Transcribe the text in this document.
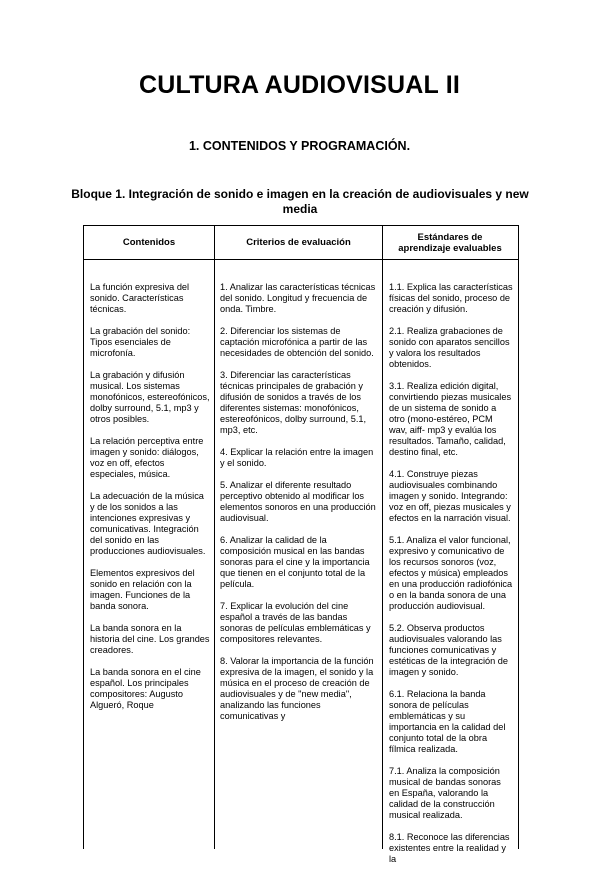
CULTURA AUDIOVISUAL II
1. CONTENIDOS Y PROGRAMACIÓN.
Bloque 1. Integración de sonido e imagen en la creación de audiovisuales y new media
Contenidos	Criterios de evaluación	Estándares de aprendizaje evaluables

La función expresiva del sonido. Características técnicas.

La grabación del sonido: Tipos esenciales de microfonía.

La grabación y difusión musical. Los sistemas monofónicos, estereofónicos, dolby surround, 5.1, mp3 y otros posibles.

La relación perceptiva entre imagen y sonido: diálogos, voz en off, efectos especiales, música.

La adecuación de la música y de los sonidos a las intenciones expresivas y comunicativas. Integración del sonido en las producciones audiovisuales.

Elementos expresivos del sonido en relación con la imagen. Funciones de la banda sonora.

La banda sonora en la historia del cine. Los grandes creadores.

La banda sonora en el cine español. Los principales compositores: Augusto Algueró, Roque

1. Analizar las características técnicas del sonido. Longitud y frecuencia de onda. Timbre.

2. Diferenciar los sistemas de captación microfónica a partir de las necesidades de obtención del sonido.

3. Diferenciar las características técnicas principales de grabación y difusión de sonidos a través de los diferentes sistemas: monofónicos, estereofónicos, dolby surround, 5.1, mp3, etc.

4. Explicar la relación entre la imagen y el sonido.

5. Analizar el diferente resultado perceptivo obtenido al modificar los elementos sonoros en una producción audiovisual.

6. Analizar la calidad de la composición musical en las bandas sonoras para el cine y la importancia que tienen en el conjunto total de la película.

7. Explicar la evolución del cine español a través de las bandas sonoras de películas emblemáticas y compositores relevantes.

8. Valorar la importancia de la función expresiva de la imagen, el sonido y la música en el proceso de creación de audiovisuales y de "new media", analizando las funciones comunicativas y

1.1. Explica las características físicas del sonido, proceso de creación y difusión.

2.1. Realiza grabaciones de sonido con aparatos sencillos y valora los resultados obtenidos.

3.1. Realiza edición digital, convirtiendo piezas musicales de un sistema de sonido a otro (mono-estéreo, PCM wav, aiff- mp3 y evalúa los resultados. Tamaño, calidad, destino final, etc.

4.1. Construye piezas audiovisuales combinando imagen y sonido. Integrando: voz en off, piezas musicales y efectos en la narración visual.

5.1. Analiza el valor funcional, expresivo y comunicativo de los recursos sonoros (voz, efectos y música) empleados en una producción radiofónica o en la banda sonora de una producción audiovisual.

5.2. Observa productos audiovisuales valorando las funciones comunicativas y estéticas de la integración de imagen y sonido.

6.1. Relaciona la banda sonora de películas emblemáticas y su importancia en la calidad del conjunto total de la obra fílmica realizada.

7.1. Analiza la composición musical de bandas sonoras en España, valorando la calidad de la construcción musical realizada.

8.1. Reconoce las diferencias existentes entre la realidad y la
